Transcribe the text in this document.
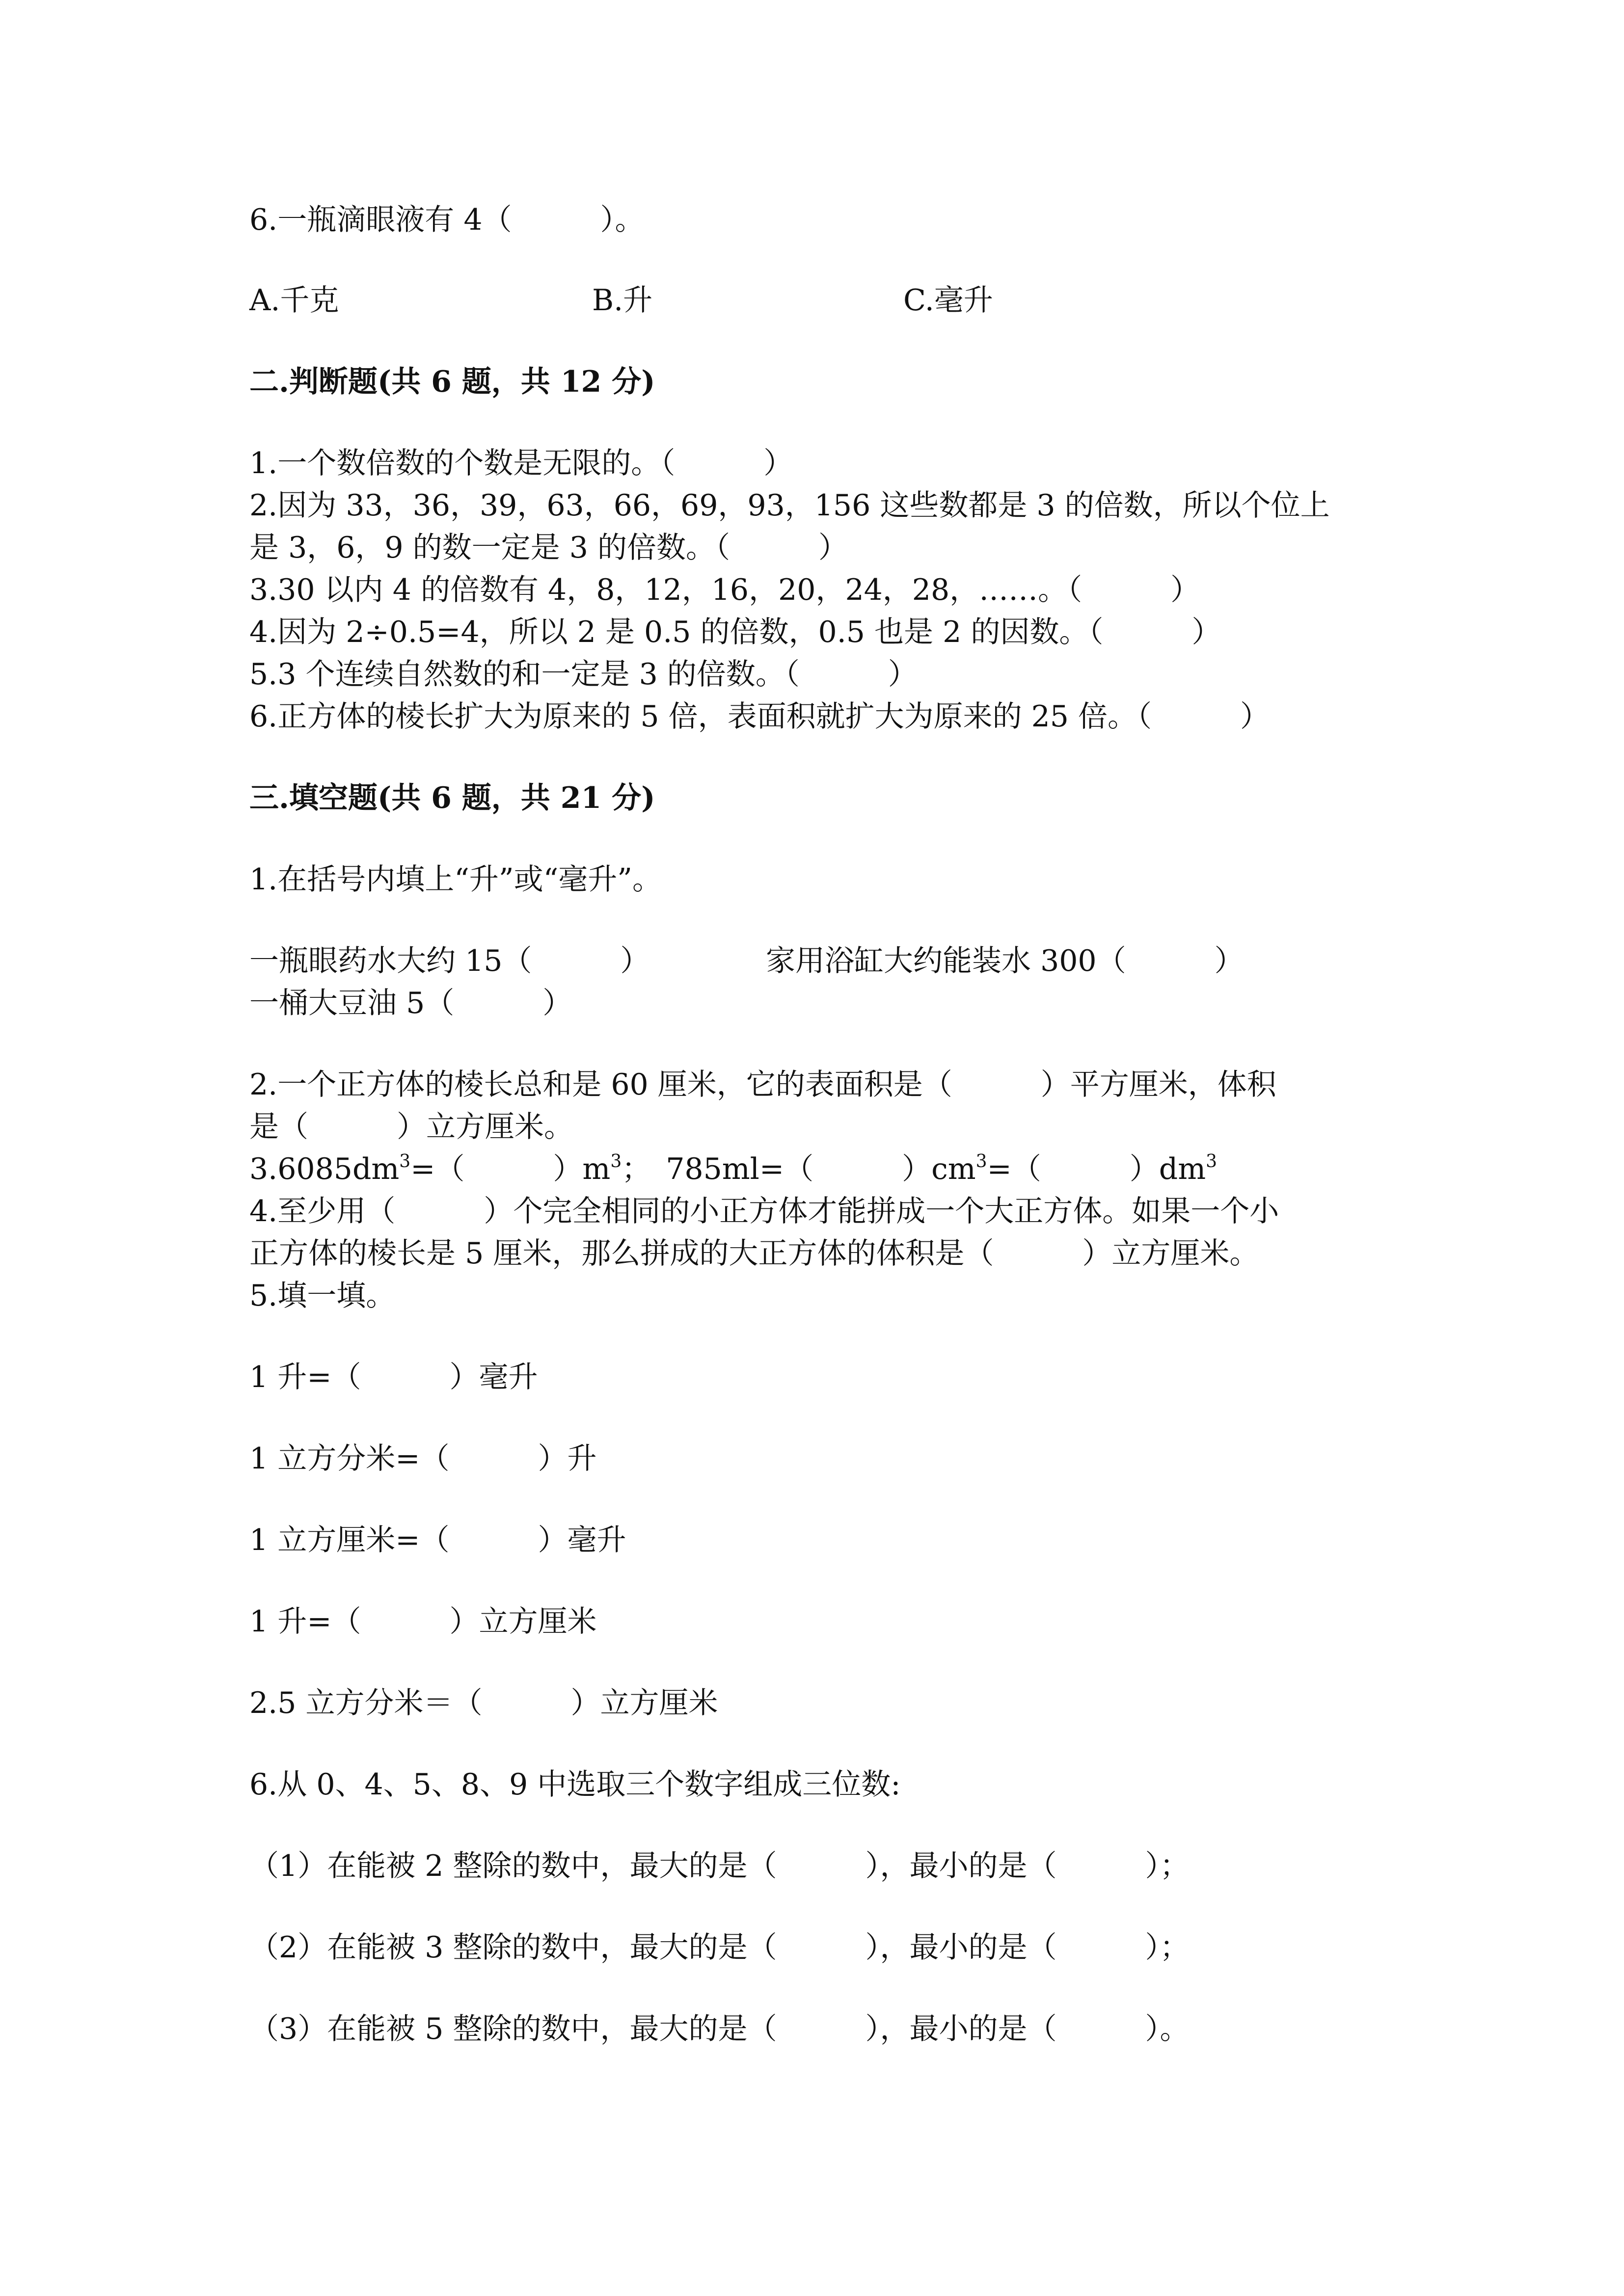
6.一瓶滴眼液有 4（　　　）。
A.千克	B.升	C.毫升
二.判断题(共 6 题，共 12 分)
1.一个数倍数的个数是无限的。（　　　）
2.因为 33，36，39，63，66，69，93，156 这些数都是 3 的倍数，所以个位上
是 3，6，9 的数一定是 3 的倍数。（　　　）
3.30 以内 4 的倍数有 4，8，12，16，20，24，28，……。（　　　）
4.因为 2÷0.5=4，所以 2 是 0.5 的倍数，0.5 也是 2 的因数。（　　　）
5.3 个连续自然数的和一定是 3 的倍数。（　　　）
6.正方体的棱长扩大为原来的 5 倍，表面积就扩大为原来的 25 倍。（　　　）
三.填空题(共 6 题，共 21 分)
1.在括号内填上“升”或“毫升”。
一瓶眼药水大约 15（　　　）	家用浴缸大约能装水 300（　　　）
一桶大豆油 5（　　　）
2.一个正方体的棱长总和是 60 厘米，它的表面积是（　　　）平方厘米，体积
是（　　　）立方厘米。
$3.6085dm^3=$（　　　）$m^3$；　785ml=（　　　）$cm^3=$（　　　）$dm^3$
4.至少用（　　　）个完全相同的小正方体才能拼成一个大正方体。如果一个小
正方体的棱长是 5 厘米，那么拼成的大正方体的体积是（　　　）立方厘米。
5.填一填。
1 升=（　　　）毫升
1 立方分米=（　　　）升
1 立方厘米=（　　　）毫升
1 升=（　　　）立方厘米
2.5 立方分米＝（　　　）立方厘米
6.从 0、4、5、8、9 中选取三个数字组成三位数:
（1）在能被 2 整除的数中，最大的是（　　　），最小的是（　　　）；
（2）在能被 3 整除的数中，最大的是（　　　），最小的是（　　　）；
（3）在能被 5 整除的数中，最大的是（　　　），最小的是（　　　）。
